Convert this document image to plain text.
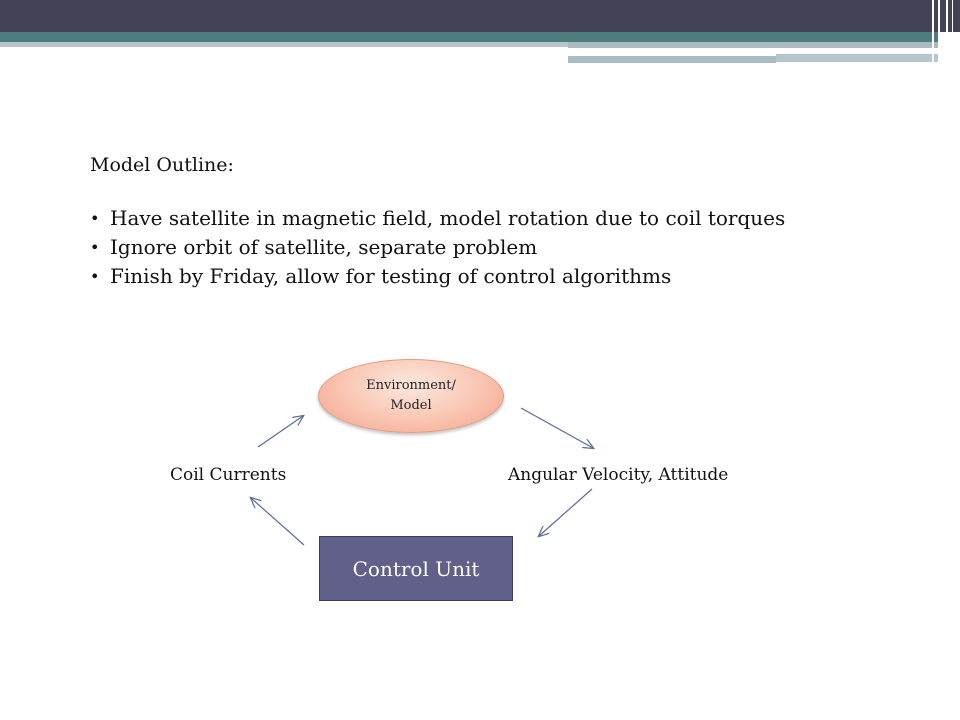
Model Outline:
• Have satellite in magnetic field, model rotation due to coil torques
• Ignore orbit of satellite, separate problem
• Finish by Friday, allow for testing of control algorithms
Environment/ Model
Coil Currents	Angular Velocity, Attitude
Control Unit
